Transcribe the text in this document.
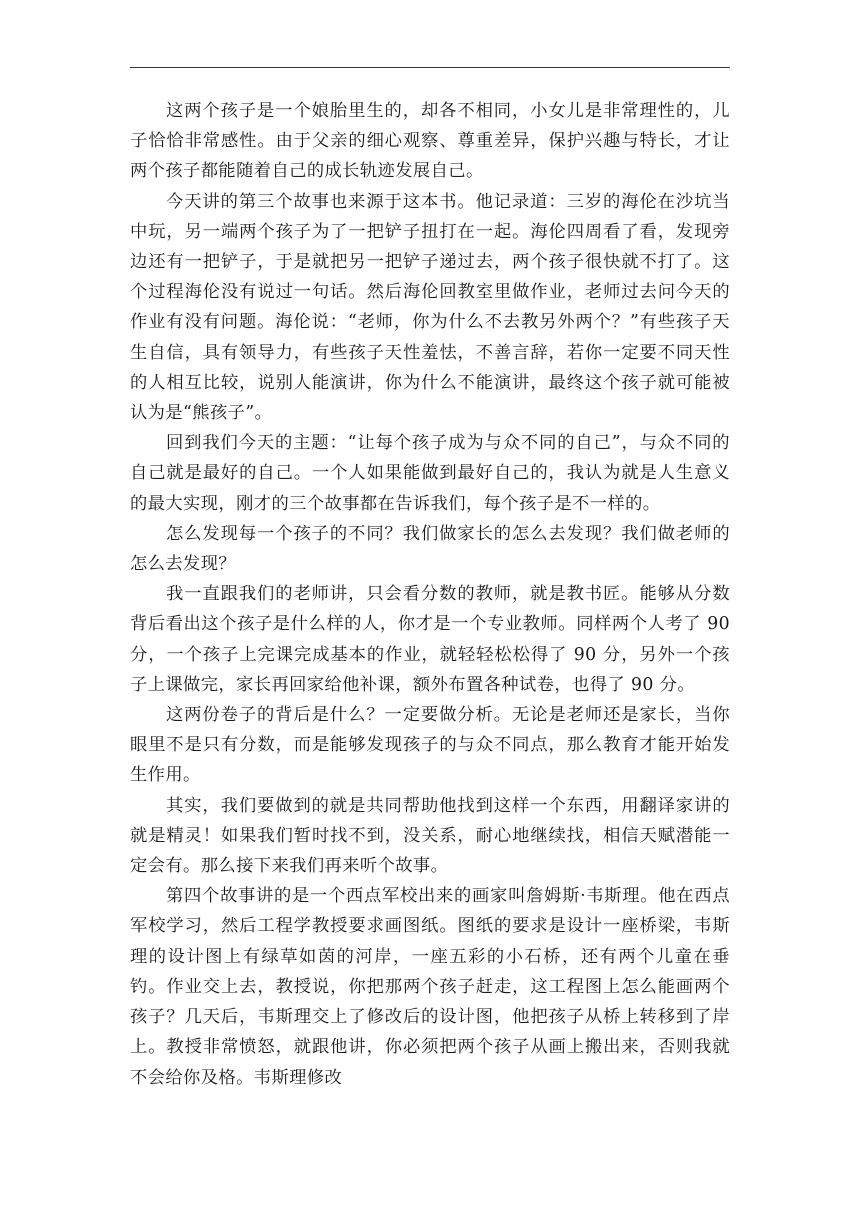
这两个孩子是一个娘胎里生的，却各不相同，小女儿是非常理性的，儿子恰恰非常感性。由于父亲的细心观察、尊重差异，保护兴趣与特长，才让两个孩子都能随着自己的成长轨迹发展自己。

今天讲的第三个故事也来源于这本书。他记录道：三岁的海伦在沙坑当中玩，另一端两个孩子为了一把铲子扭打在一起。海伦四周看了看，发现旁边还有一把铲子，于是就把另一把铲子递过去，两个孩子很快就不打了。这个过程海伦没有说过一句话。然后海伦回教室里做作业，老师过去问今天的作业有没有问题。海伦说：“老师，你为什么不去教另外两个？”有些孩子天生自信，具有领导力，有些孩子天性羞怯，不善言辞，若你一定要不同天性的人相互比较，说别人能演讲，你为什么不能演讲，最终这个孩子就可能被认为是“熊孩子”。

回到我们今天的主题：“让每个孩子成为与众不同的自己”，与众不同的自己就是最好的自己。一个人如果能做到最好自己的，我认为就是人生意义的最大实现，刚才的三个故事都在告诉我们，每个孩子是不一样的。

怎么发现每一个孩子的不同？我们做家长的怎么去发现？我们做老师的怎么去发现？

我一直跟我们的老师讲，只会看分数的教师，就是教书匠。能够从分数背后看出这个孩子是什么样的人，你才是一个专业教师。同样两个人考了 90 分，一个孩子上完课完成基本的作业，就轻轻松松得了 90 分，另外一个孩子上课做完，家长再回家给他补课，额外布置各种试卷，也得了 90 分。

这两份卷子的背后是什么？一定要做分析。无论是老师还是家长，当你眼里不是只有分数，而是能够发现孩子的与众不同点，那么教育才能开始发生作用。

其实，我们要做到的就是共同帮助他找到这样一个东西，用翻译家讲的就是精灵！如果我们暂时找不到，没关系，耐心地继续找，相信天赋潜能一定会有。那么接下来我们再来听个故事。

第四个故事讲的是一个西点军校出来的画家叫詹姆斯·韦斯理。他在西点军校学习，然后工程学教授要求画图纸。图纸的要求是设计一座桥梁，韦斯理的设计图上有绿草如茵的河岸，一座五彩的小石桥，还有两个儿童在垂钓。作业交上去，教授说，你把那两个孩子赶走，这工程图上怎么能画两个孩子？几天后，韦斯理交上了修改后的设计图，他把孩子从桥上转移到了岸上。教授非常愤怒，就跟他讲，你必须把两个孩子从画上搬出来，否则我就不会给你及格。韦斯理修改
